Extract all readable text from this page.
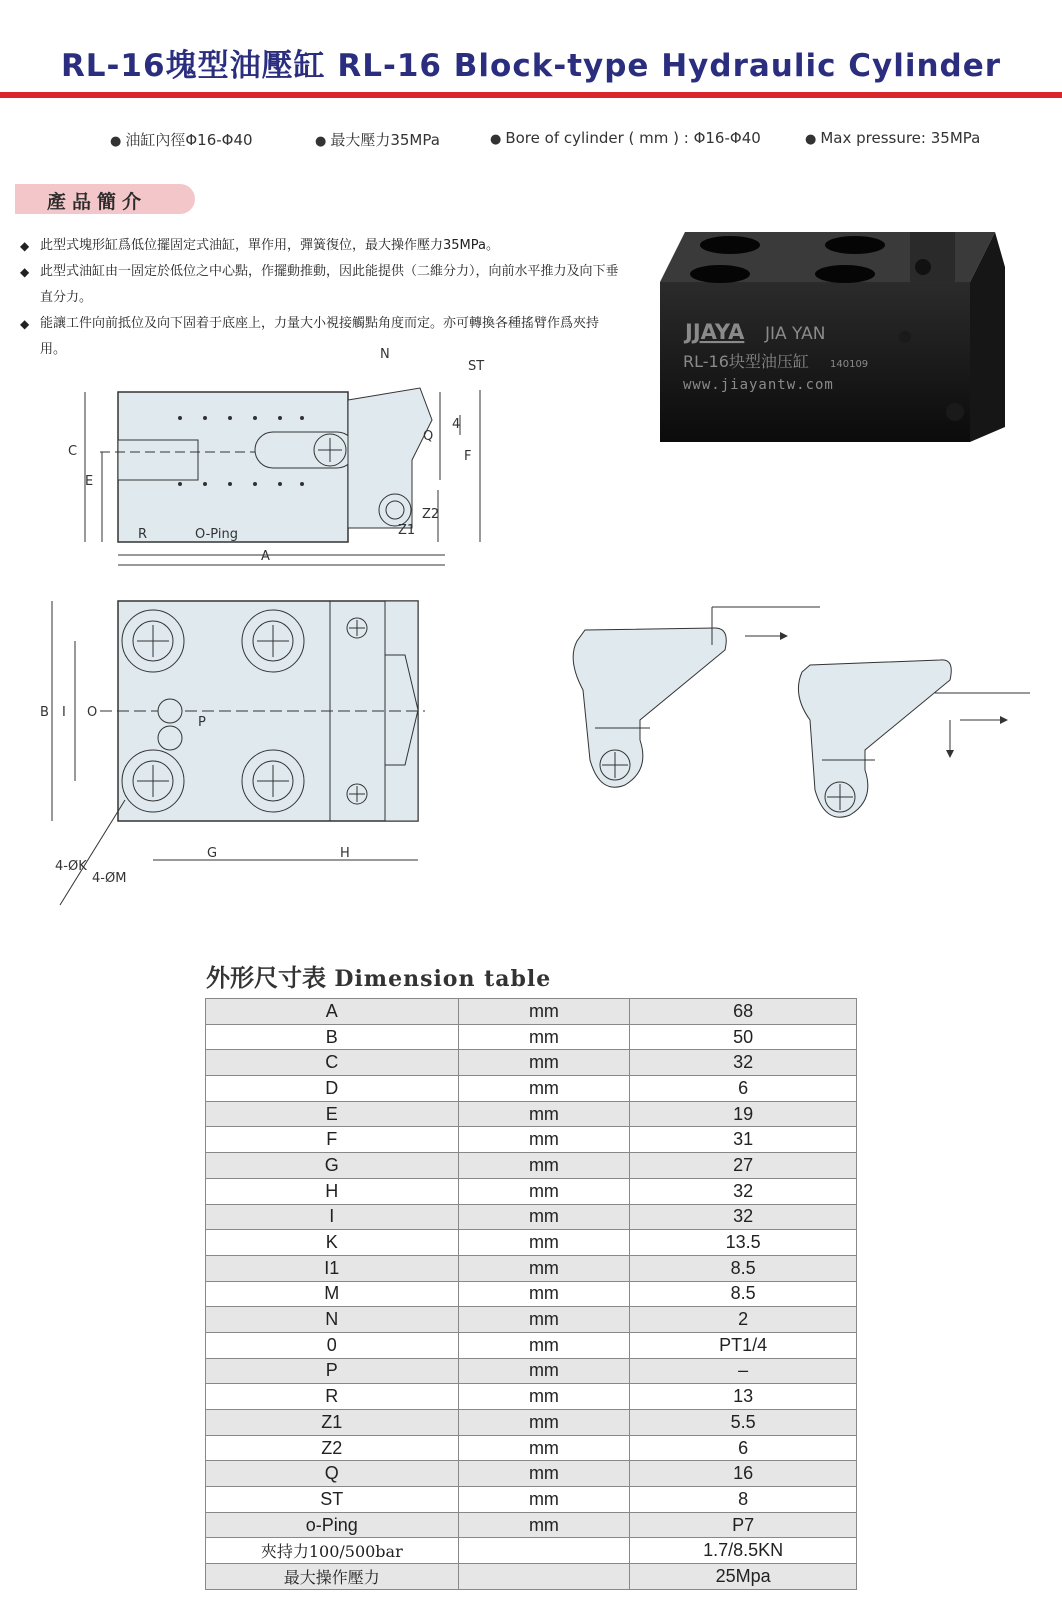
RL-16塊型油壓缸 RL-16 Block-type Hydraulic Cylinder
● 油缸內徑Φ16-Φ40	● 最大壓力35MPa	● Bore of cylinder ( mm ) : Φ16-Φ40	● Max pressure: 35MPa
產品簡介
◆ 此型式塊形缸爲低位擺固定式油缸，單作用，彈簧復位，最大操作壓力35MPa。
◆ 此型式油缸由一固定於低位之中心點，作擺動推動，因此能提供（二維分力），向前水平推力及向下垂直分力。
◆ 能讓工件向前抵位及向下固着于底座上，力量大小視接觸點角度而定。亦可轉換各種搖臂作爲夾持用。
JJAYA JIA YAN
RL-16块型油压缸 140109
www.jiayantw.com
N
ST
C
E
Q
4
F
Z2
Z1
R	O-Ping
A
B I O
P
4-ØK
4-ØM
G	H
外形尺寸表 Dimension table
A	mm	68
B	mm	50
C	mm	32
D	mm	6
E	mm	19
F	mm	31
G	mm	27
H	mm	32
I	mm	32
K	mm	13.5
I1	mm	8.5
M	mm	8.5
N	mm	2
0	mm	PT1/4
P	mm	–
R	mm	13
Z1	mm	5.5
Z2	mm	6
Q	mm	16
ST	mm	8
o-Ping	mm	P7
夾持力100/500bar		1.7/8.5KN
最大操作壓力		25Mpa
